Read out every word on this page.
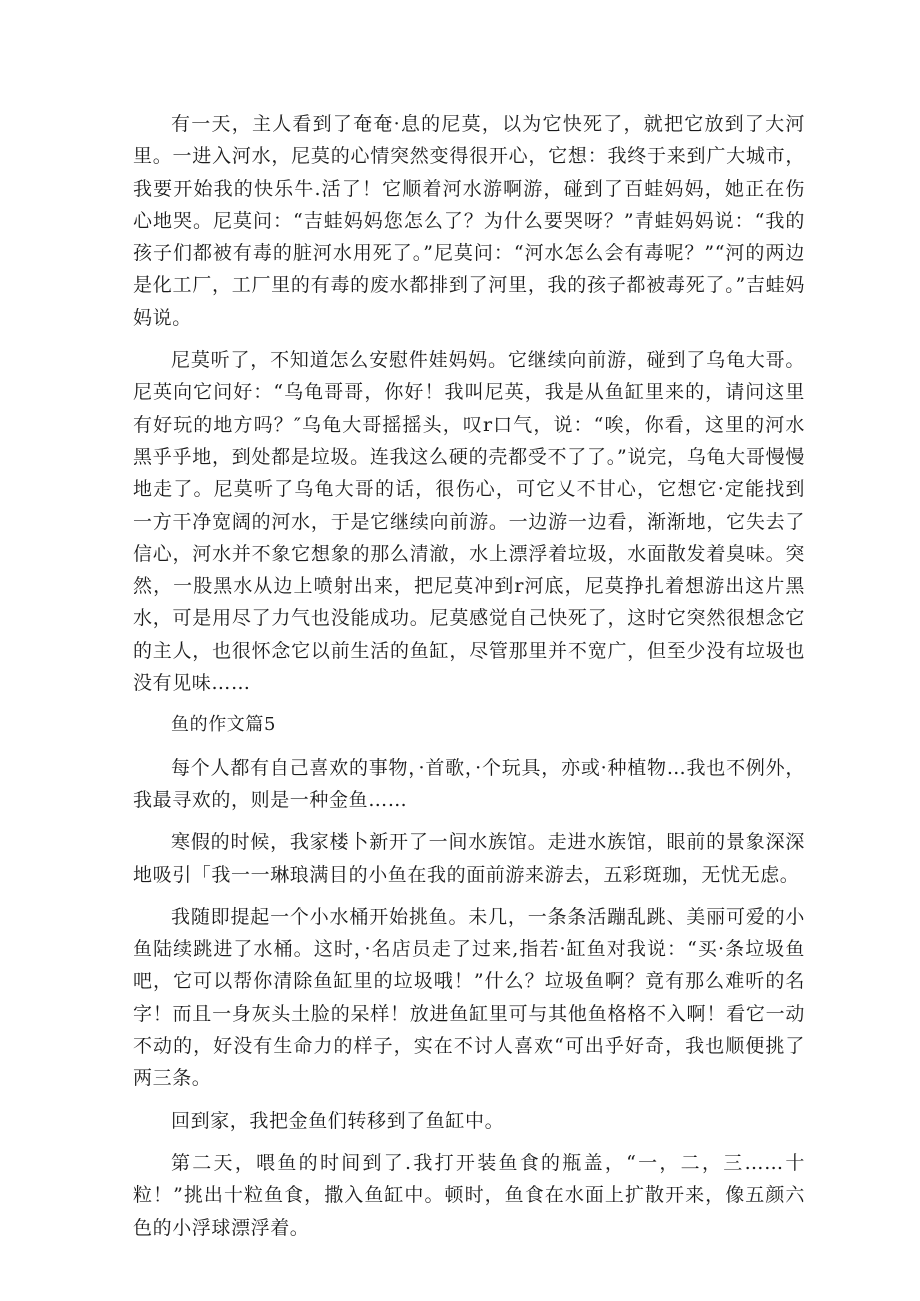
有一天，主人看到了奄奄·息的尼莫，以为它快死了，就把它放到了大河里。一进入河水，尼莫的心情突然变得很开心，它想：我终于来到广大城市，我要开始我的快乐牛.活了！它顺着河水游啊游，碰到了百蛙妈妈，她正在伤心地哭。尼莫问：“吉蛙妈妈您怎么了？为什么要哭呀？”青蛙妈妈说：“我的孩子们都被有毒的脏河水用死了。”尼莫问：“河水怎么会有毒呢？”“河的两边是化工厂，工厂里的有毒的废水都排到了河里，我的孩子都被毒死了。”吉蛙妈妈说。

尼莫听了，不知道怎么安慰件娃妈妈。它继续向前游，碰到了乌龟大哥。尼英向它问好：“乌龟哥哥，你好！我叫尼英，我是从鱼缸里来的，请问这里有好玩的地方吗？″乌龟大哥摇摇头，叹r口气，说：“唉，你看，这里的河水黑乎乎地，到处都是垃圾。连我这么硬的壳都受不了了。”说完，乌龟大哥慢慢地走了。尼莫听了乌龟大哥的话，很伤心，可它乂不甘心，它想它·定能找到一方干净宽阔的河水，于是它继续向前游。一边游一边看，渐渐地，它失去了信心，河水并不象它想象的那么清澈，水上漂浮着垃圾，水面散发着臭味。突然，一股黑水从边上喷射出来，把尼莫冲到r河底，尼莫挣扎着想游出这片黑水，可是用尽了力气也没能成功。尼莫感觉自己快死了，这时它突然很想念它的主人，也很怀念它以前生活的鱼缸，尽管那里并不宽广，但至少没有垃圾也没有见味……

鱼的作文篇5

每个人都有自己喜欢的事物，·首歌，·个玩具，亦或·种植物…我也不例外，我最寻欢的，则是一种金鱼……

寒假的时候，我家楼卜新开了一间水族馆。走进水族馆，眼前的景象深深地吸引「我一一琳琅满目的小鱼在我的面前游来游去，五彩斑珈，无忧无虑。

我随即提起一个小水桶开始挑鱼。未几，一条条活蹦乱跳、美丽可爱的小鱼陆续跳进了水桶。这时，·名店员走了过来,指若·缸鱼对我说：“买·条垃圾鱼吧，它可以帮你清除鱼缸里的垃圾哦！”什么？垃圾鱼啊？竟有那么难听的名字！而且一身灰头土脸的呆样！放进鱼缸里可与其他鱼格格不入啊！看它一动不动的，好没有生命力的样子，实在不讨人喜欢“可出乎好奇，我也顺便挑了两三条。

回到家，我把金鱼们转移到了鱼缸中。

第二天，喂鱼的时间到了.我打开装鱼食的瓶盖，“一，二，三……十粒！”挑出十粒鱼食，撒入鱼缸中。顿时，鱼食在水面上扩散开来，像五颜六色的小浮球漂浮着。
